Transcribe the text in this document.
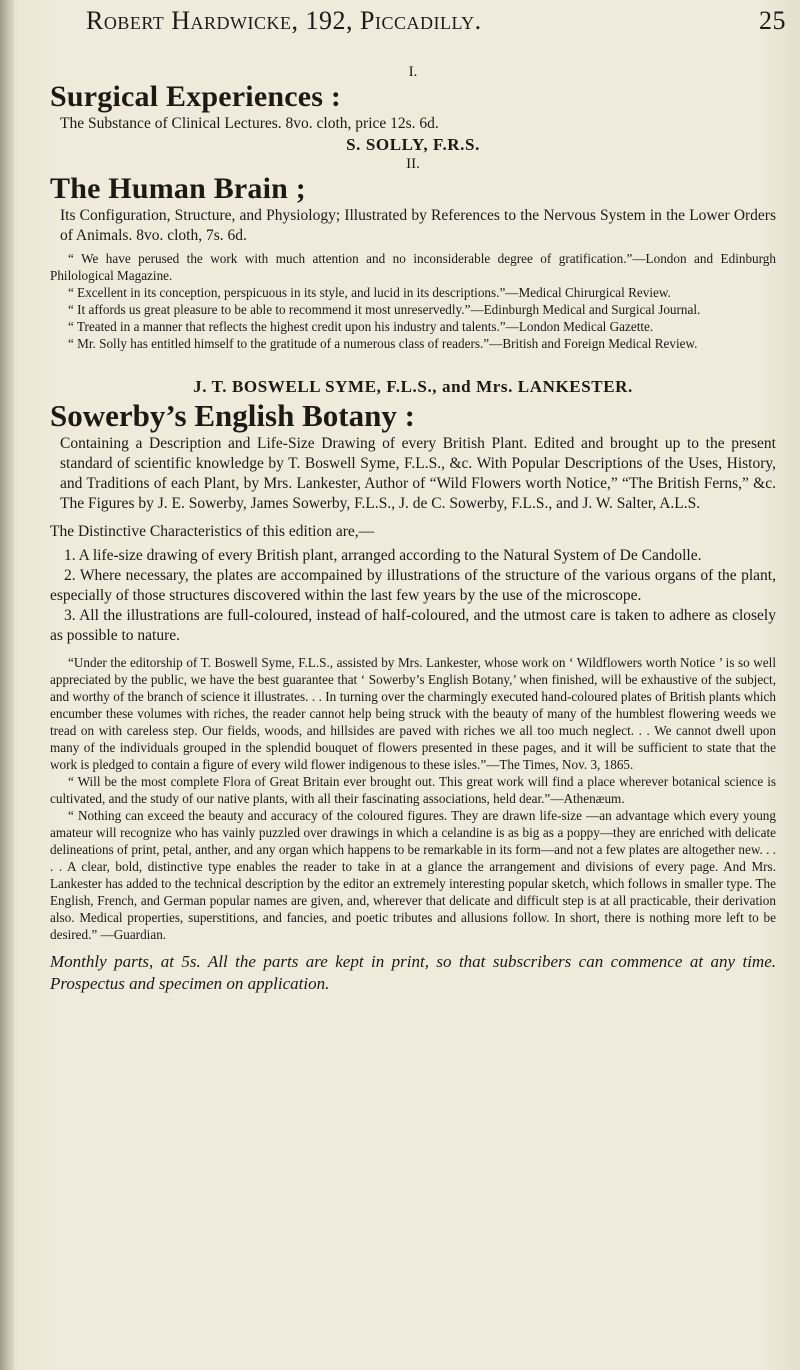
Robert Hardwicke, 192, Piccadilly.	25

I.

Surgical Experiences :

The Substance of Clinical Lectures. 8vo. cloth, price 12s. 6d.

S. SOLLY, F.R.S.

II.

The Human Brain ;

Its Configuration, Structure, and Physiology; Illustrated by References to the Nervous System in the Lower Orders of Animals. 8vo. cloth, 7s. 6d.

“ We have perused the work with much attention and no inconsiderable degree of gratification.”—London and Edinburgh Philological Magazine.

“ Excellent in its conception, perspicuous in its style, and lucid in its descriptions.”—Medical Chirurgical Review.

“ It affords us great pleasure to be able to recommend it most unreservedly.”—Edinburgh Medical and Surgical Journal.

“ Treated in a manner that reflects the highest credit upon his industry and talents.”—London Medical Gazette.

“ Mr. Solly has entitled himself to the gratitude of a numerous class of readers.”—British and Foreign Medical Review.

J. T. BOSWELL SYME, F.L.S., and Mrs. LANKESTER.

Sowerby’s English Botany :

Containing a Description and Life-Size Drawing of every British Plant. Edited and brought up to the present standard of scientific knowledge by T. Boswell Syme, F.L.S., &c. With Popular Descriptions of the Uses, History, and Traditions of each Plant, by Mrs. Lankester, Author of “Wild Flowers worth Notice,” “The British Ferns,” &c. The Figures by J. E. Sowerby, James Sowerby, F.L.S., J. de C. Sowerby, F.L.S., and J. W. Salter, A.L.S.

The Distinctive Characteristics of this edition are,—

1. A life-size drawing of every British plant, arranged according to the Natural System of De Candolle.

2. Where necessary, the plates are accompained by illustrations of the structure of the various organs of the plant, especially of those structures discovered within the last few years by the use of the microscope.

3. All the illustrations are full-coloured, instead of half-coloured, and the utmost care is taken to adhere as closely as possible to nature.

“Under the editorship of T. Boswell Syme, F.L.S., assisted by Mrs. Lankester, whose work on ‘ Wildflowers worth Notice ’ is so well appreciated by the public, we have the best guarantee that ‘ Sowerby’s English Botany,’ when finished, will be exhaustive of the subject, and worthy of the branch of science it illustrates. . . In turning over the charmingly executed hand-coloured plates of British plants which encumber these volumes with riches, the reader cannot help being struck with the beauty of many of the humblest flowering weeds we tread on with careless step. Our fields, woods, and hillsides are paved with riches we all too much neglect. . . We cannot dwell upon many of the individuals grouped in the splendid bouquet of flowers presented in these pages, and it will be sufficient to state that the work is pledged to contain a figure of every wild flower indigenous to these isles.”—The Times, Nov. 3, 1865.

“ Will be the most complete Flora of Great Britain ever brought out. This great work will find a place wherever botanical science is cultivated, and the study of our native plants, with all their fascinating associations, held dear.”—Athenæum.

“ Nothing can exceed the beauty and accuracy of the coloured figures. They are drawn life-size —an advantage which every young amateur will recognize who has vainly puzzled over drawings in which a celandine is as big as a poppy—they are enriched with delicate delineations of print, petal, anther, and any organ which happens to be remarkable in its form—and not a few plates are altogether new. . . . . A clear, bold, distinctive type enables the reader to take in at a glance the arrangement and divisions of every page. And Mrs. Lankester has added to the technical description by the editor an extremely interesting popular sketch, which follows in smaller type. The English, French, and German popular names are given, and, wherever that delicate and difficult step is at all practicable, their derivation also. Medical properties, superstitions, and fancies, and poetic tributes and allusions follow. In short, there is nothing more left to be desired.” —Guardian.

Monthly parts, at 5s. All the parts are kept in print, so that subscribers can commence at any time. Prospectus and specimen on application.
